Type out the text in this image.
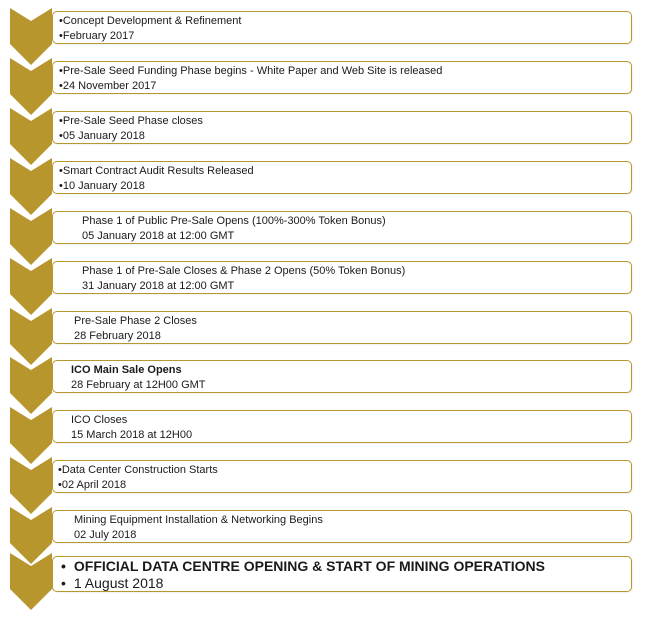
•Concept Development & Refinement
•February 2017
•Pre-Sale Seed Funding Phase begins - White Paper and Web Site is released
•24 November 2017
•Pre-Sale Seed Phase closes
•05 January 2018
•Smart Contract Audit Results Released
•10 January 2018
Phase 1 of Public Pre-Sale Opens (100%-300% Token Bonus)
05 January 2018 at 12:00 GMT
Phase 1 of Pre-Sale Closes & Phase 2 Opens (50% Token Bonus)
31 January 2018 at 12:00 GMT
Pre-Sale Phase 2 Closes
28 February 2018
ICO Main Sale Opens
28 February at 12H00 GMT
ICO Closes
15 March 2018 at 12H00
•Data Center Construction Starts
•02 April 2018
Mining Equipment Installation & Networking Begins
02 July 2018
• OFFICIAL DATA CENTRE OPENING & START OF MINING OPERATIONS
• 1 August 2018
